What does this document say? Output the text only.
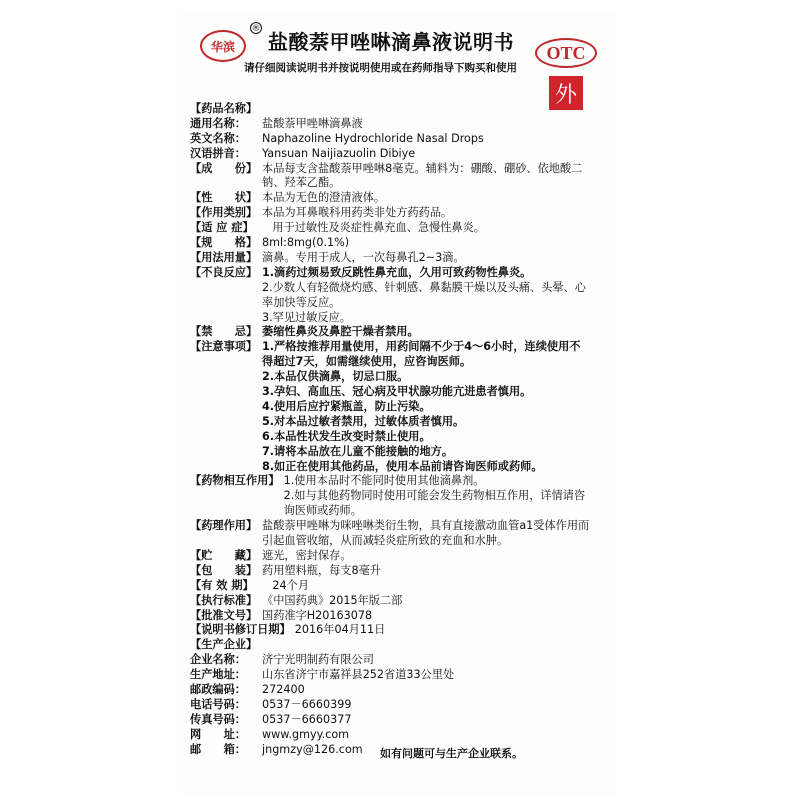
华滨
®
盐酸萘甲唑啉滴鼻液说明书
请仔细阅读说明书并按说明使用或在药师指导下购买和使用
OTC
外
【药品名称】
通用名称： 盐酸萘甲唑啉滴鼻液
英文名称： Naphazoline Hydrochloride Nasal Drops
汉语拼音： Yansuan Naijiazuolin Dibiye
【成　　份】 本品每支含盐酸萘甲唑啉8毫克。辅料为：硼酸、硼砂、依地酸二
钠、羟苯乙酯。
【性　　状】 本品为无色的澄清液体。
【作用类别】 本品为耳鼻喉科用药类非处方药药品。
【适 应 症】 用于过敏性及炎症性鼻充血、急慢性鼻炎。
【规　　格】 8ml:8mg(0.1%)
【用法用量】 滴鼻。专用于成人，一次每鼻孔2~3滴。
【不良反应】 1.滴药过频易致反跳性鼻充血，久用可致药物性鼻炎。
2.少数人有轻微烧灼感、针刺感、鼻黏膜干燥以及头痛、头晕、心
率加快等反应。
3.罕见过敏反应。
【禁　　忌】 萎缩性鼻炎及鼻腔干燥者禁用。
【注意事项】 1.严格按推荐用量使用，用药间隔不少于4～6小时，连续使用不
得超过7天，如需继续使用，应咨询医师。
2.本品仅供滴鼻，切忌口服。
3.孕妇、高血压、冠心病及甲状腺功能亢进患者慎用。
4.使用后应拧紧瓶盖，防止污染。
5.对本品过敏者禁用，过敏体质者慎用。
6.本品性状发生改变时禁止使用。
7.请将本品放在儿童不能接触的地方。
8.如正在使用其他药品，使用本品前请咨询医师或药师。
【药物相互作用】 1.使用本品时不能同时使用其他滴鼻剂。
2.如与其他药物同时使用可能会发生药物相互作用，详情请咨
询医师或药师。
【药理作用】 盐酸萘甲唑啉为咪唑啉类衍生物，具有直接激动血管a1受体作用而
引起血管收缩，从而减轻炎症所致的充血和水肿。
【贮　　藏】 遮光，密封保存。
【包　　装】 药用塑料瓶，每支8毫升
【有 效 期】 24个月
【执行标准】 《中国药典》2015年版二部
【批准文号】 国药准字H20163078
【说明书修订日期】 2016年04月11日
【生产企业】
企业名称： 济宁光明制药有限公司
生产地址： 山东省济宁市嘉祥县252省道33公里处
邮政编码： 272400
电话号码： 0537－6660399
传真号码： 0537－6660377
网　　址： www.gmyy.com
邮　　箱： jngmzy@126.com 如有问题可与生产企业联系。
